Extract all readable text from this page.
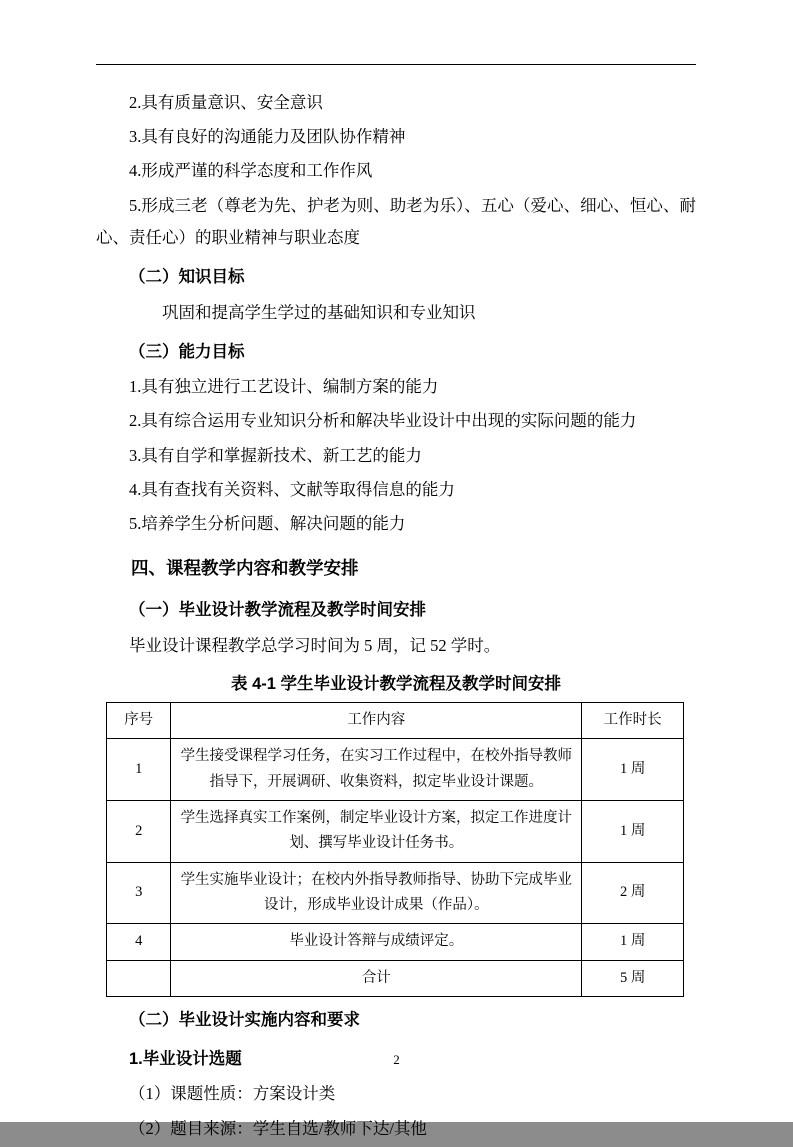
2.具有质量意识、安全意识

3.具有良好的沟通能力及团队协作精神

4.形成严谨的科学态度和工作作风

5.形成三老（尊老为先、护老为则、助老为乐）、五心（爱心、细心、恒心、耐心、责任心）的职业精神与职业态度

（二）知识目标

巩固和提高学生学过的基础知识和专业知识

（三）能力目标

1.具有独立进行工艺设计、编制方案的能力

2.具有综合运用专业知识分析和解决毕业设计中出现的实际问题的能力

3.具有自学和掌握新技术、新工艺的能力

4.具有查找有关资料、文献等取得信息的能力

5.培养学生分析问题、解决问题的能力

四、课程教学内容和教学安排

（一）毕业设计教学流程及教学时间安排

毕业设计课程教学总学习时间为 5 周，记 52 学时。

表 4-1 学生毕业设计教学流程及教学时间安排

序号	工作内容	工作时长
1	学生接受课程学习任务，在实习工作过程中，在校外指导教师指导下，开展调研、收集资料，拟定毕业设计课题。	1 周
2	学生选择真实工作案例，制定毕业设计方案，拟定工作进度计划、撰写毕业设计任务书。	1 周
3	学生实施毕业设计；在校内外指导教师指导、协助下完成毕业设计，形成毕业设计成果（作品）。	2 周
4	毕业设计答辩与成绩评定。	1 周
	合计	5 周

（二）毕业设计实施内容和要求

1.毕业设计选题

（1）课题性质：方案设计类

（2）题目来源：学生自选/教师下达/其他

2
